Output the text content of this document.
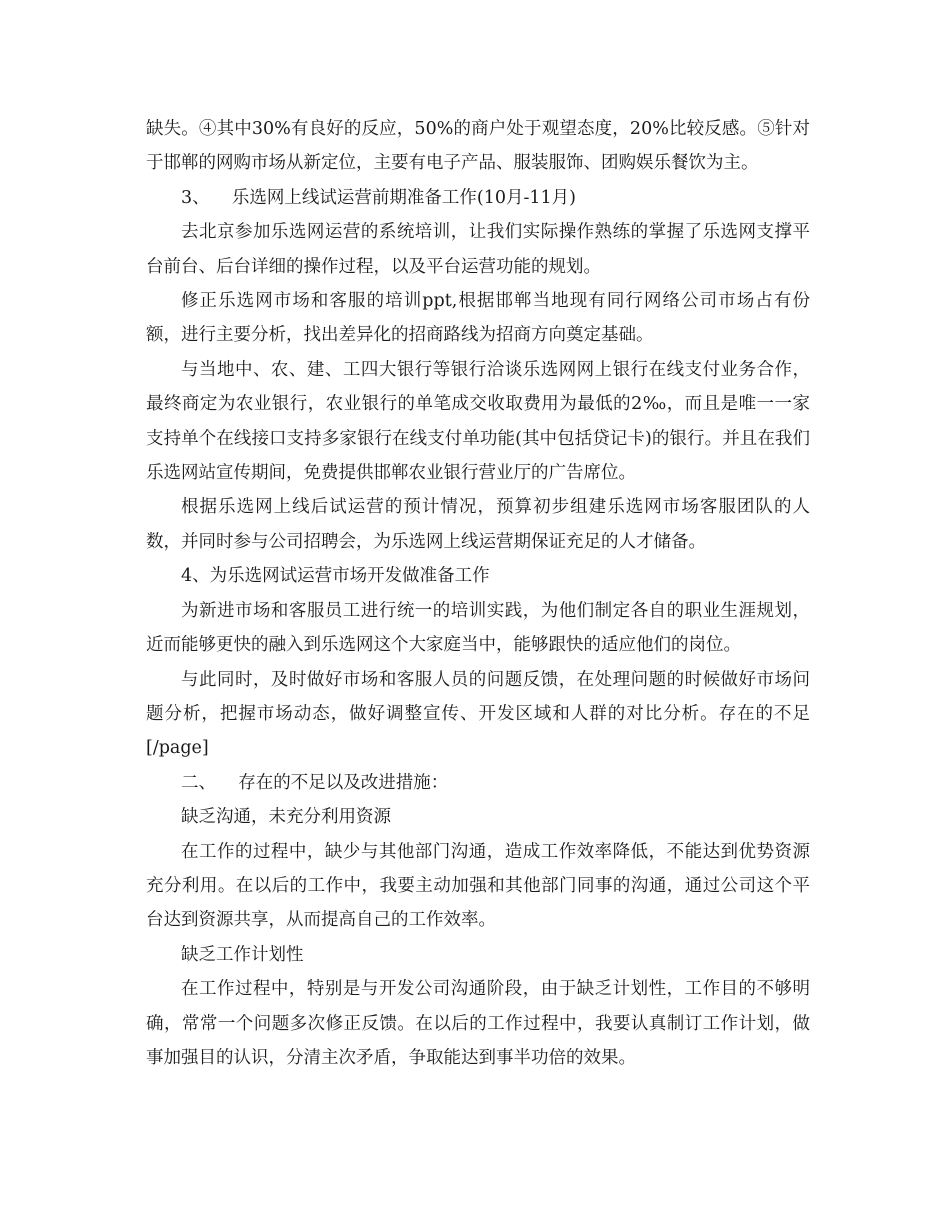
缺失。④其中30%有良好的反应，50%的商户处于观望态度，20%比较反感。⑤针对于邯郸的网购市场从新定位，主要有电子产品、服装服饰、团购娱乐餐饮为主。

3、    乐选网上线试运营前期准备工作(10月-11月)

去北京参加乐选网运营的系统培训，让我们实际操作熟练的掌握了乐选网支撑平台前台、后台详细的操作过程，以及平台运营功能的规划。

修正乐选网市场和客服的培训ppt,根据邯郸当地现有同行网络公司市场占有份额，进行主要分析，找出差异化的招商路线为招商方向奠定基础。

与当地中、农、建、工四大银行等银行洽谈乐选网网上银行在线支付业务合作，最终商定为农业银行，农业银行的单笔成交收取费用为最低的2‰，而且是唯一一家支持单个在线接口支持多家银行在线支付单功能(其中包括贷记卡)的银行。并且在我们乐选网站宣传期间，免费提供邯郸农业银行营业厅的广告席位。

根据乐选网上线后试运营的预计情况，预算初步组建乐选网市场客服团队的人数，并同时参与公司招聘会，为乐选网上线运营期保证充足的人才储备。

4、为乐选网试运营市场开发做准备工作

为新进市场和客服员工进行统一的培训实践，为他们制定各自的职业生涯规划，近而能够更快的融入到乐选网这个大家庭当中，能够跟快的适应他们的岗位。

与此同时，及时做好市场和客服人员的问题反馈，在处理问题的时候做好市场问题分析，把握市场动态，做好调整宣传、开发区域和人群的对比分析。存在的不足[/page]

二、    存在的不足以及改进措施：

缺乏沟通，未充分利用资源

在工作的过程中，缺少与其他部门沟通，造成工作效率降低，不能达到优势资源充分利用。在以后的工作中，我要主动加强和其他部门同事的沟通，通过公司这个平台达到资源共享，从而提高自己的工作效率。

缺乏工作计划性

在工作过程中，特别是与开发公司沟通阶段，由于缺乏计划性，工作目的不够明确，常常一个问题多次修正反馈。在以后的工作过程中，我要认真制订工作计划，做事加强目的认识，分清主次矛盾，争取能达到事半功倍的效果。
